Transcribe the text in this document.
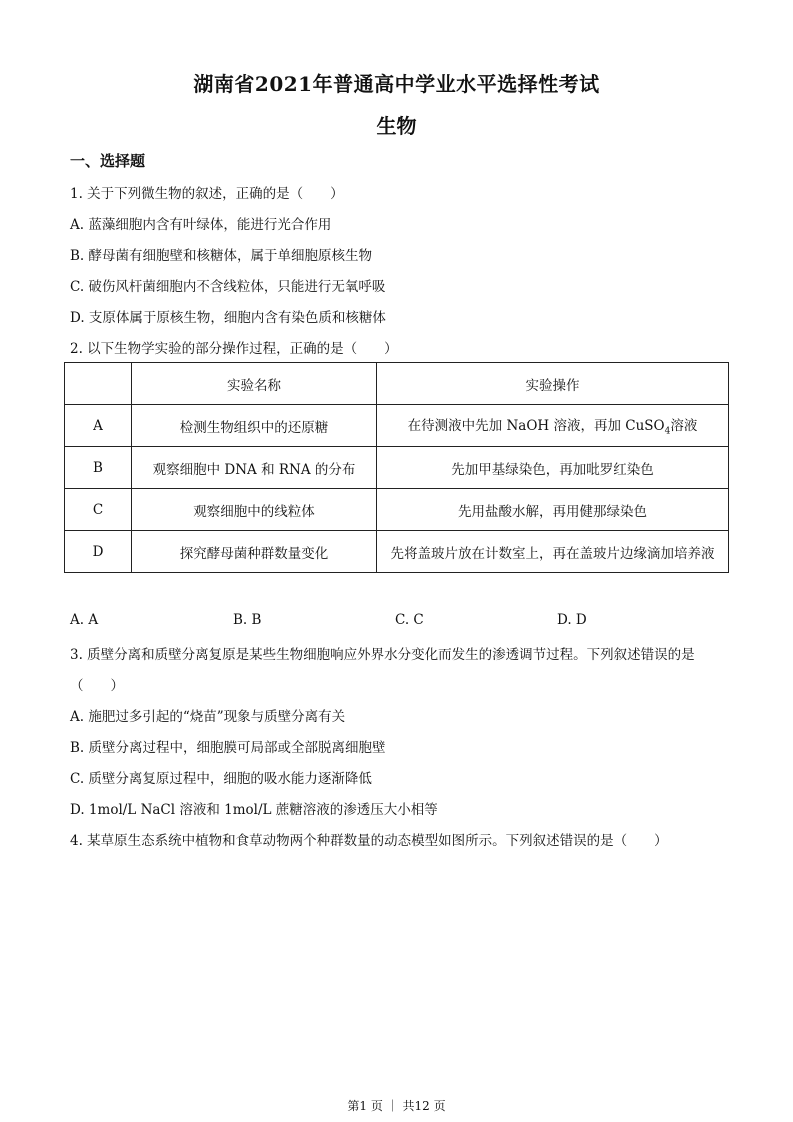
湖南省2021年普通高中学业水平选择性考试
生物
一、选择题
1. 关于下列微生物的叙述，正确的是（　　）
A. 蓝藻细胞内含有叶绿体，能进行光合作用
B. 酵母菌有细胞壁和核糖体，属于单细胞原核生物
C. 破伤风杆菌细胞内不含线粒体，只能进行无氧呼吸
D. 支原体属于原核生物，细胞内含有染色质和核糖体
2. 以下生物学实验的部分操作过程，正确的是（　　）
	实验名称	实验操作
A	检测生物组织中的还原糖	在待测液中先加 NaOH 溶液，再加 CuSO$_4$溶液
B	观察细胞中 DNA 和 RNA 的分布	先加甲基绿染色，再加吡罗红染色
C	观察细胞中的线粒体	先用盐酸水解，再用健那绿染色
D	探究酵母菌种群数量变化	先将盖玻片放在计数室上，再在盖玻片边缘滴加培养液
A. A	B. B	C. C	D. D
3. 质壁分离和质壁分离复原是某些生物细胞响应外界水分变化而发生的渗透调节过程。下列叙述错误的是
（　　）
A. 施肥过多引起的“烧苗”现象与质壁分离有关
B. 质壁分离过程中，细胞膜可局部或全部脱离细胞壁
C. 质壁分离复原过程中，细胞的吸水能力逐渐降低
D. 1mol/L NaCl 溶液和 1mol/L 蔗糖溶液的渗透压大小相等
4. 某草原生态系统中植物和食草动物两个种群数量的动态模型如图所示。下列叙述错误的是（　　）
第1 页 ｜ 共12 页
